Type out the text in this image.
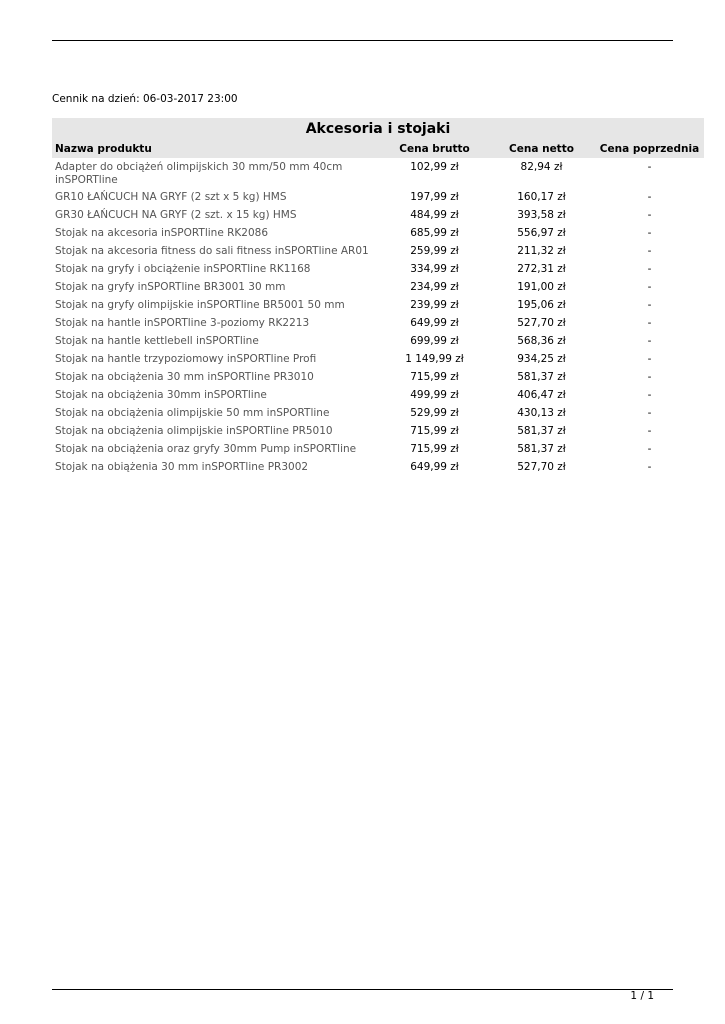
Cennik na dzień: 06-03-2017 23:00
Akcesoria i stojaki
Nazwa produktu	Cena brutto	Cena netto	Cena poprzednia
Adapter do obciążeń olimpijskich 30 mm/50 mm 40cm inSPORTline
102,99 zł	82,94 zł	-
GR10 ŁAŃCUCH NA GRYF (2 szt x 5 kg) HMS	197,99 zł	160,17 zł	-
GR30 ŁAŃCUCH NA GRYF (2 szt. x 15 kg) HMS	484,99 zł	393,58 zł	-
Stojak na akcesoria inSPORTline RK2086	685,99 zł	556,97 zł	-
Stojak na akcesoria fitness do sali fitness inSPORTline AR01	259,99 zł	211,32 zł	-
Stojak na gryfy i obciążenie inSPORTline RK1168	334,99 zł	272,31 zł	-
Stojak na gryfy inSPORTline BR3001 30 mm	234,99 zł	191,00 zł	-
Stojak na gryfy olimpijskie inSPORTline BR5001 50 mm	239,99 zł	195,06 zł	-
Stojak na hantle inSPORTline 3-poziomy RK2213	649,99 zł	527,70 zł	-
Stojak na hantle kettlebell inSPORTline	699,99 zł	568,36 zł	-
Stojak na hantle trzypoziomowy inSPORTline Profi	1 149,99 zł	934,25 zł	-
Stojak na obciążenia 30 mm inSPORTline PR3010	715,99 zł	581,37 zł	-
Stojak na obciążenia 30mm inSPORTline	499,99 zł	406,47 zł	-
Stojak na obciążenia olimpijskie 50 mm inSPORTline	529,99 zł	430,13 zł	-
Stojak na obciążenia olimpijskie inSPORTline PR5010	715,99 zł	581,37 zł	-
Stojak na obciążenia oraz gryfy 30mm Pump inSPORTline	715,99 zł	581,37 zł	-
Stojak na obiążenia 30 mm inSPORTline PR3002	649,99 zł	527,70 zł	-
1 / 1
